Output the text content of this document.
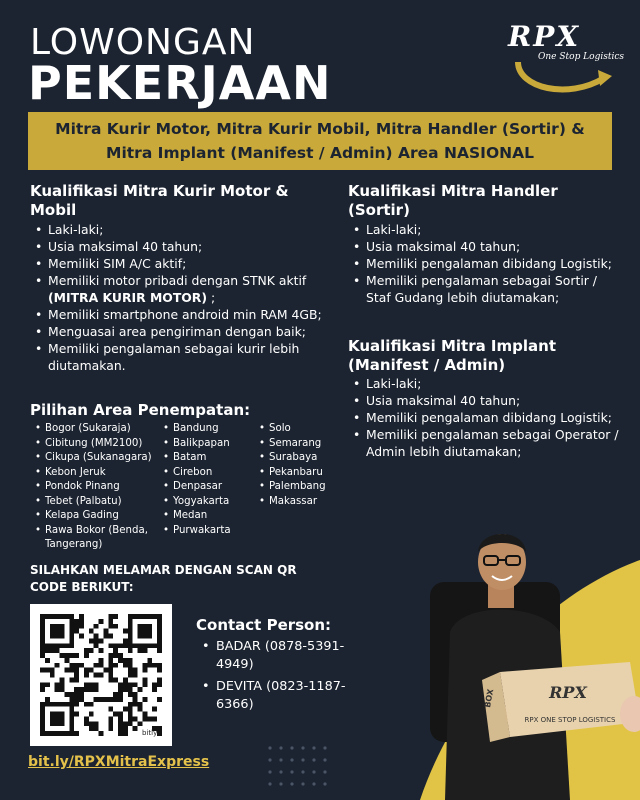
RPX
RPX ONE STOP LOGISTICS
BOX
LOWONGAN
PEKERJAAN
RPX
One Stop Logistics
Mitra Kurir Motor, Mitra Kurir Mobil, Mitra Handler (Sortir) &
Mitra Implant (Manifest / Admin) Area NASIONAL
Kualifikasi Mitra Kurir Motor &
Mobil
• Laki-laki;
• Usia maksimal 40 tahun;
• Memiliki SIM A/C aktif;
• Memiliki motor pribadi dengan STNK aktif
(MITRA KURIR MOTOR) ;
• Memiliki smartphone android min RAM 4GB;
• Menguasai area pengiriman dengan baik;
• Memiliki pengalaman sebagai kurir lebih diutamakan.
Kualifikasi Mitra Handler
(Sortir)
• Laki-laki;
• Usia maksimal 40 tahun;
• Memiliki pengalaman dibidang Logistik;
• Memiliki pengalaman sebagai Sortir / Staf Gudang lebih diutamakan;
Kualifikasi Mitra Implant
(Manifest / Admin)
• Laki-laki;
• Usia maksimal 40 tahun;
• Memiliki pengalaman dibidang Logistik;
• Memiliki pengalaman sebagai Operator / Admin lebih diutamakan;
Pilihan Area Penempatan:
• Bogor (Sukaraja)
• Cibitung (MM2100)
• Cikupa (Sukanagara)
• Kebon Jeruk
• Pondok Pinang
• Tebet (Palbatu)
• Kelapa Gading
• Rawa Bokor (Benda, Tangerang)
• Bandung
• Balikpapan
• Batam
• Cirebon
• Denpasar
• Yogyakarta
• Medan
• Purwakarta
• Solo
• Semarang
• Surabaya
• Pekanbaru
• Palembang
• Makassar
SILAHKAN MELAMAR DENGAN SCAN QR CODE BERIKUT:
bitly
Contact Person:
• BADAR (0878-5391-4949)
• DEVITA (0823-1187-6366)
bit.ly/RPXMitraExpress
